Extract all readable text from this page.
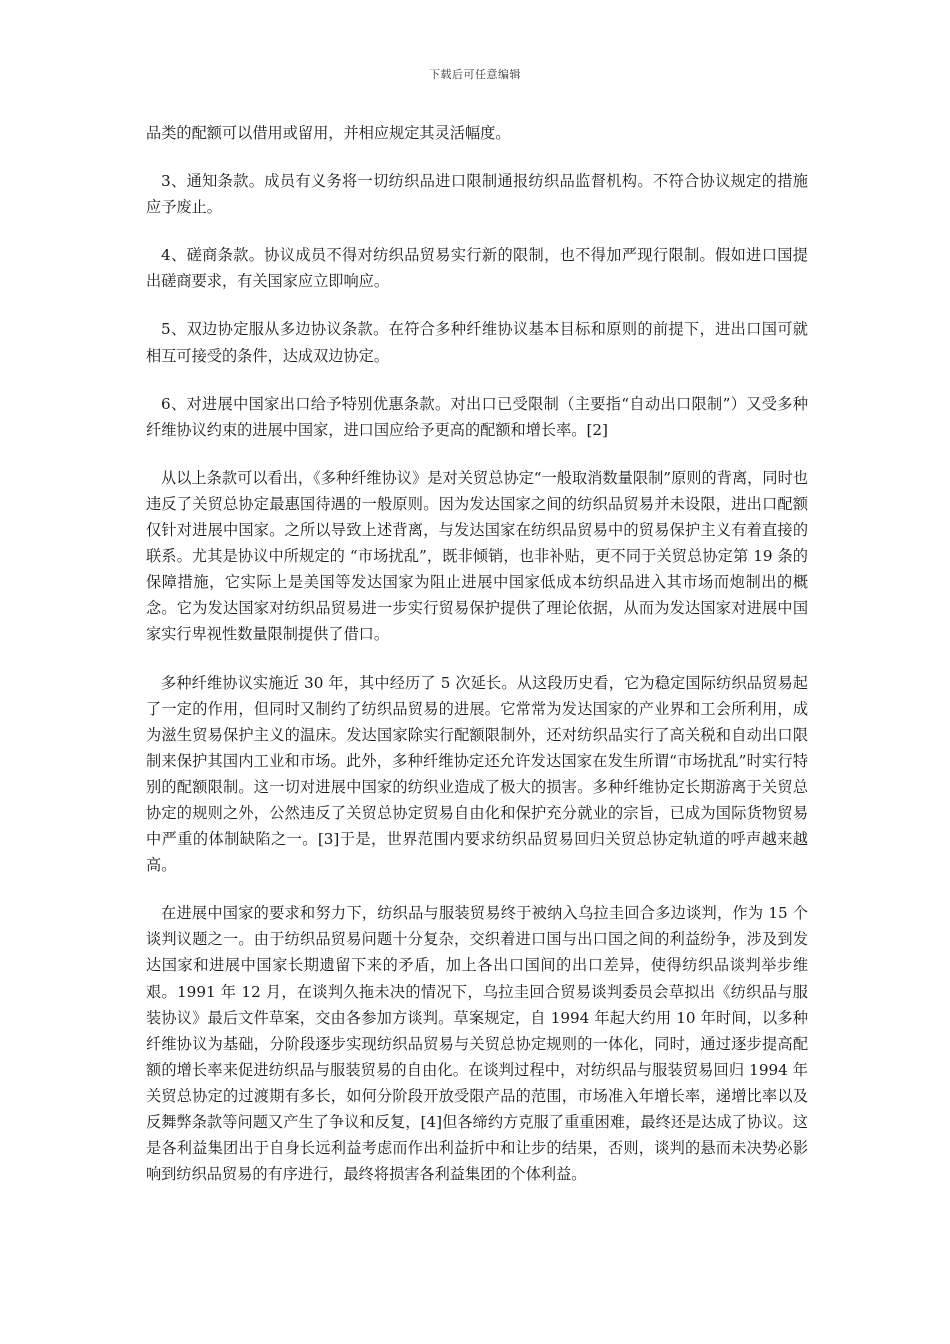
下载后可任意编辑

品类的配额可以借用或留用，并相应规定其灵活幅度。

3、通知条款。成员有义务将一切纺织品进口限制通报纺织品监督机构。不符合协议规定的措施应予废止。

4、磋商条款。协议成员不得对纺织品贸易实行新的限制，也不得加严现行限制。假如进口国提出磋商要求，有关国家应立即响应。

5、双边协定服从多边协议条款。在符合多种纤维协议基本目标和原则的前提下，进出口国可就相互可接受的条件，达成双边协定。

6、对进展中国家出口给予特别优惠条款。对出口已受限制（主要指“自动出口限制”）又受多种纤维协议约束的进展中国家，进口国应给予更高的配额和增长率。[2]

从以上条款可以看出，《多种纤维协议》是对关贸总协定“一般取消数量限制”原则的背离，同时也违反了关贸总协定最惠国待遇的一般原则。因为发达国家之间的纺织品贸易并未设限，进出口配额仅针对进展中国家。之所以导致上述背离，与发达国家在纺织品贸易中的贸易保护主义有着直接的联系。尤其是协议中所规定的 “市场扰乱”，既非倾销，也非补贴，更不同于关贸总协定第 19 条的保障措施，它实际上是美国等发达国家为阻止进展中国家低成本纺织品进入其市场而炮制出的概念。它为发达国家对纺织品贸易进一步实行贸易保护提供了理论依据，从而为发达国家对进展中国家实行卑视性数量限制提供了借口。

多种纤维协议实施近 30 年，其中经历了 5 次延长。从这段历史看，它为稳定国际纺织品贸易起了一定的作用，但同时又制约了纺织品贸易的进展。它常常为发达国家的产业界和工会所利用，成为滋生贸易保护主义的温床。发达国家除实行配额限制外，还对纺织品实行了高关税和自动出口限制来保护其国内工业和市场。此外，多种纤维协定还允许发达国家在发生所谓“市场扰乱”时实行特别的配额限制。这一切对进展中国家的纺织业造成了极大的损害。多种纤维协定长期游离于关贸总协定的规则之外，公然违反了关贸总协定贸易自由化和保护充分就业的宗旨，已成为国际货物贸易中严重的体制缺陷之一。[3]于是，世界范围内要求纺织品贸易回归关贸总协定轨道的呼声越来越高。

在进展中国家的要求和努力下，纺织品与服装贸易终于被纳入乌拉圭回合多边谈判，作为 15 个谈判议题之一。由于纺织品贸易问题十分复杂，交织着进口国与出口国之间的利益纷争，涉及到发达国家和进展中国家长期遗留下来的矛盾，加上各出口国间的出口差异，使得纺织品谈判举步维艰。1991 年 12 月，在谈判久拖未决的情况下，乌拉圭回合贸易谈判委员会草拟出《纺织品与服装协议》最后文件草案，交由各参加方谈判。草案规定，自 1994 年起大约用 10 年时间，以多种纤维协议为基础，分阶段逐步实现纺织品贸易与关贸总协定规则的一体化，同时，通过逐步提高配额的增长率来促进纺织品与服装贸易的自由化。在谈判过程中，对纺织品与服装贸易回归 1994 年关贸总协定的过渡期有多长，如何分阶段开放受限产品的范围，市场准入年增长率，递增比率以及反舞弊条款等问题又产生了争议和反复，[4]但各缔约方克服了重重困难，最终还是达成了协议。这是各利益集团出于自身长远利益考虑而作出利益折中和让步的结果，否则，谈判的悬而未决势必影响到纺织品贸易的有序进行，最终将损害各利益集团的个体利益。
